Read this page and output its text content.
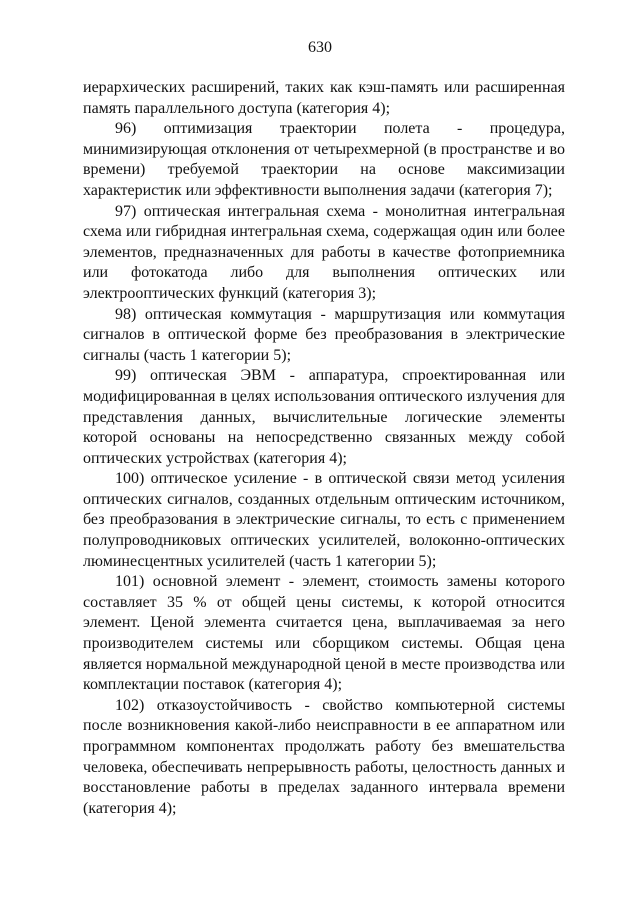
630

иерархических расширений, таких как кэш-память или расширенная память параллельного доступа (категория 4);

96) оптимизация траектории полета - процедура, минимизирующая отклонения от четырехмерной (в пространстве и во времени) требуемой траектории на основе максимизации характеристик или эффективности выполнения задачи (категория 7);

97) оптическая интегральная схема - монолитная интегральная схема или гибридная интегральная схема, содержащая один или более элементов, предназначенных для работы в качестве фотоприемника или фотокатода либо для выполнения оптических или электрооптических функций (категория 3);

98) оптическая коммутация - маршрутизация или коммутация сигналов в оптической форме без преобразования в электрические сигналы (часть 1 категории 5);

99) оптическая ЭВМ - аппаратура, спроектированная или модифицированная в целях использования оптического излучения для представления данных, вычислительные логические элементы которой основаны на непосредственно связанных между собой оптических устройствах (категория 4);

100) оптическое усиление - в оптической связи метод усиления оптических сигналов, созданных отдельным оптическим источником, без преобразования в электрические сигналы, то есть с применением полупроводниковых оптических усилителей, волоконно-оптических люминесцентных усилителей (часть 1 категории 5);

101) основной элемент - элемент, стоимость замены которого составляет 35 % от общей цены системы, к которой относится элемент. Ценой элемента считается цена, выплачиваемая за него производителем системы или сборщиком системы. Общая цена является нормальной международной ценой в месте производства или комплектации поставок (категория 4);

102) отказоустойчивость - свойство компьютерной системы после возникновения какой-либо неисправности в ее аппаратном или программном компонентах продолжать работу без вмешательства человека, обеспечивать непрерывность работы, целостность данных и восстановление работы в пределах заданного интервала времени (категория 4);
